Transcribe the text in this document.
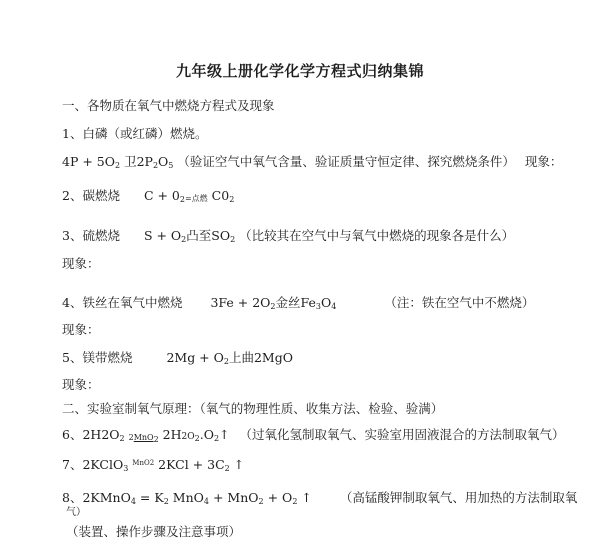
九年级上册化学化学方程式归纳集锦
一、各物质在氧气中燃烧方程式及现象
1、白磷（或红磷）燃烧。
$4P + 5O_2$ 卫$2P_2O_5$ （验证空气中氧气含量、验证质量守恒定律、探究燃烧条件） 现象：
2、碳燃烧 $C + 0_2=$点燃 $C0_2$
3、硫燃烧 $S + O_2$凸至$SO_2$ （比较其在空气中与氧气中燃烧的现象各是什么）
现象：
4、铁丝在氧气中燃烧 $3Fe + 2O_2$金丝$Fe_3O_4$	（注：铁在空气中不燃烧）
现象：
5、镁带燃烧	$2Mg + O_2$上曲2MgO
现象：
二、实验室制氧气原理：（氧气的物理性质、收集方法、检验、验满）
6、$2H2O_2$ 2MnO$_2$ $2H2O_2.O_2↑$ （过氧化氢制取氧气、实验室用固液混合的方法制取氧气）
7、2KClO$_3$ $^{MnO2}$ $2KCl + 3C_2$ ↑
8、2KMnO$_4$ = $K_2$ $MnO_4 + MnO_2 + O_2$ ↑ （高锰酸钾制取氧气、用加热的方法制取氧
气）
（装置、操作步骤及注意事项）
